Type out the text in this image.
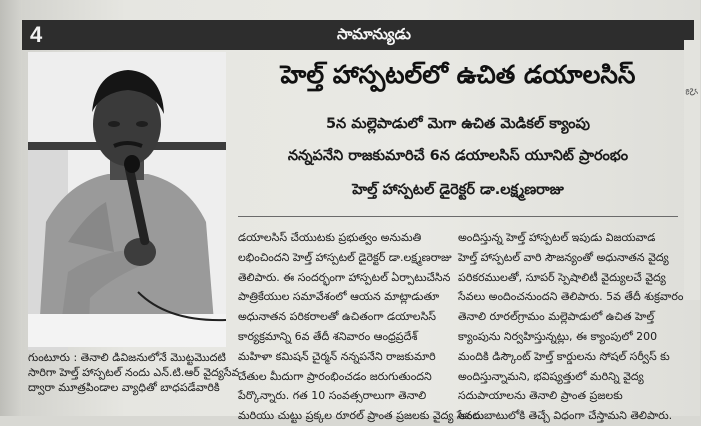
4	సామాన్యుడు
స్ట

గుంటూరు : తెనాలి డివిజనులోనే మొట్టమొదటి

సారిగా హెల్త్ హాస్పటల్ నందు ఎన్.టి.ఆర్ వైద్యసేవ

ద్వారా మూత్రపిండాల వ్యాధితో బాధపడేవారికి

హెల్త్ హాస్పటల్‌లో ఉచిత డయాలసిస్
5న మల్లెపాడులో మెగా ఉచిత మెడికల్ క్యాంపు
నన్నపనేని రాజకుమారిచే 6న డయాలసిస్ యూనిట్ ప్రారంభం
హెల్త్ హాస్పటల్ డైరెక్టర్ డా.లక్ష్మణరాజు

డయాలసిస్ చేయుటకు ప్రభుత్వం అనుమతి

లభించిందని హెల్త్ హాస్పటల్ డైరెక్టర్ డా.లక్ష్మణరాజు

తెలిపారు. ఈ సందర్భంగా హాస్పటల్ ఏర్పాటుచేసిన

పాత్రికేయుల సమావేశంలో ఆయన మాట్లాడుతూ

అధునాతన పరికరాలతో ఉచితంగా డయాలసిస్

కార్యక్రమాన్ని 6వ తేదీ శనివారం ఆంధ్రప్రదేశ్

మహిళా కమిషన్ చైర్మన్ నన్నపనేని రాజకుమారి

చేతుల మీదుగా ప్రారంభించడం జరుగుతుందని

పేర్కొన్నారు. గత 10 సంవత్సరాలుగా తెనాలి

మరియు చుట్టు ప్రక్కల రూరల్ ప్రాంత ప్రజలకు వైద్య సేవలు

అందిస్తున్న హెల్త్ హాస్పటల్ ఇపుడు విజయవాడ

హెల్త్ హాస్పటల్ వారి సౌజన్యంతో అధునాతన వైద్య

పరికరములతో, సూపర్ స్పెషాలిటీ వైద్యులచే వైద్య

సేవలు అందించనుందని తెలిపారు. 5వ తేదీ శుక్రవారం

తెనాలి రూరల్‌గ్రామం మల్లెపాడులో ఉచిత హెల్త్

క్యాంపును నిర్వహిస్తున్నట్లు, ఈ క్యాంపులో 200

మందికి డిస్కౌంట్ హెల్త్ కార్డులను సోషల్ సర్వీస్ కు

అందిస్తున్నామని, భవిష్యత్తులో మరిన్ని వైద్య

సదుపాయాలను తెనాలి ప్రాంత ప్రజలకు

అందుబాటులోకి తెచ్చే విధంగా చేస్తామని తెలిపారు.
